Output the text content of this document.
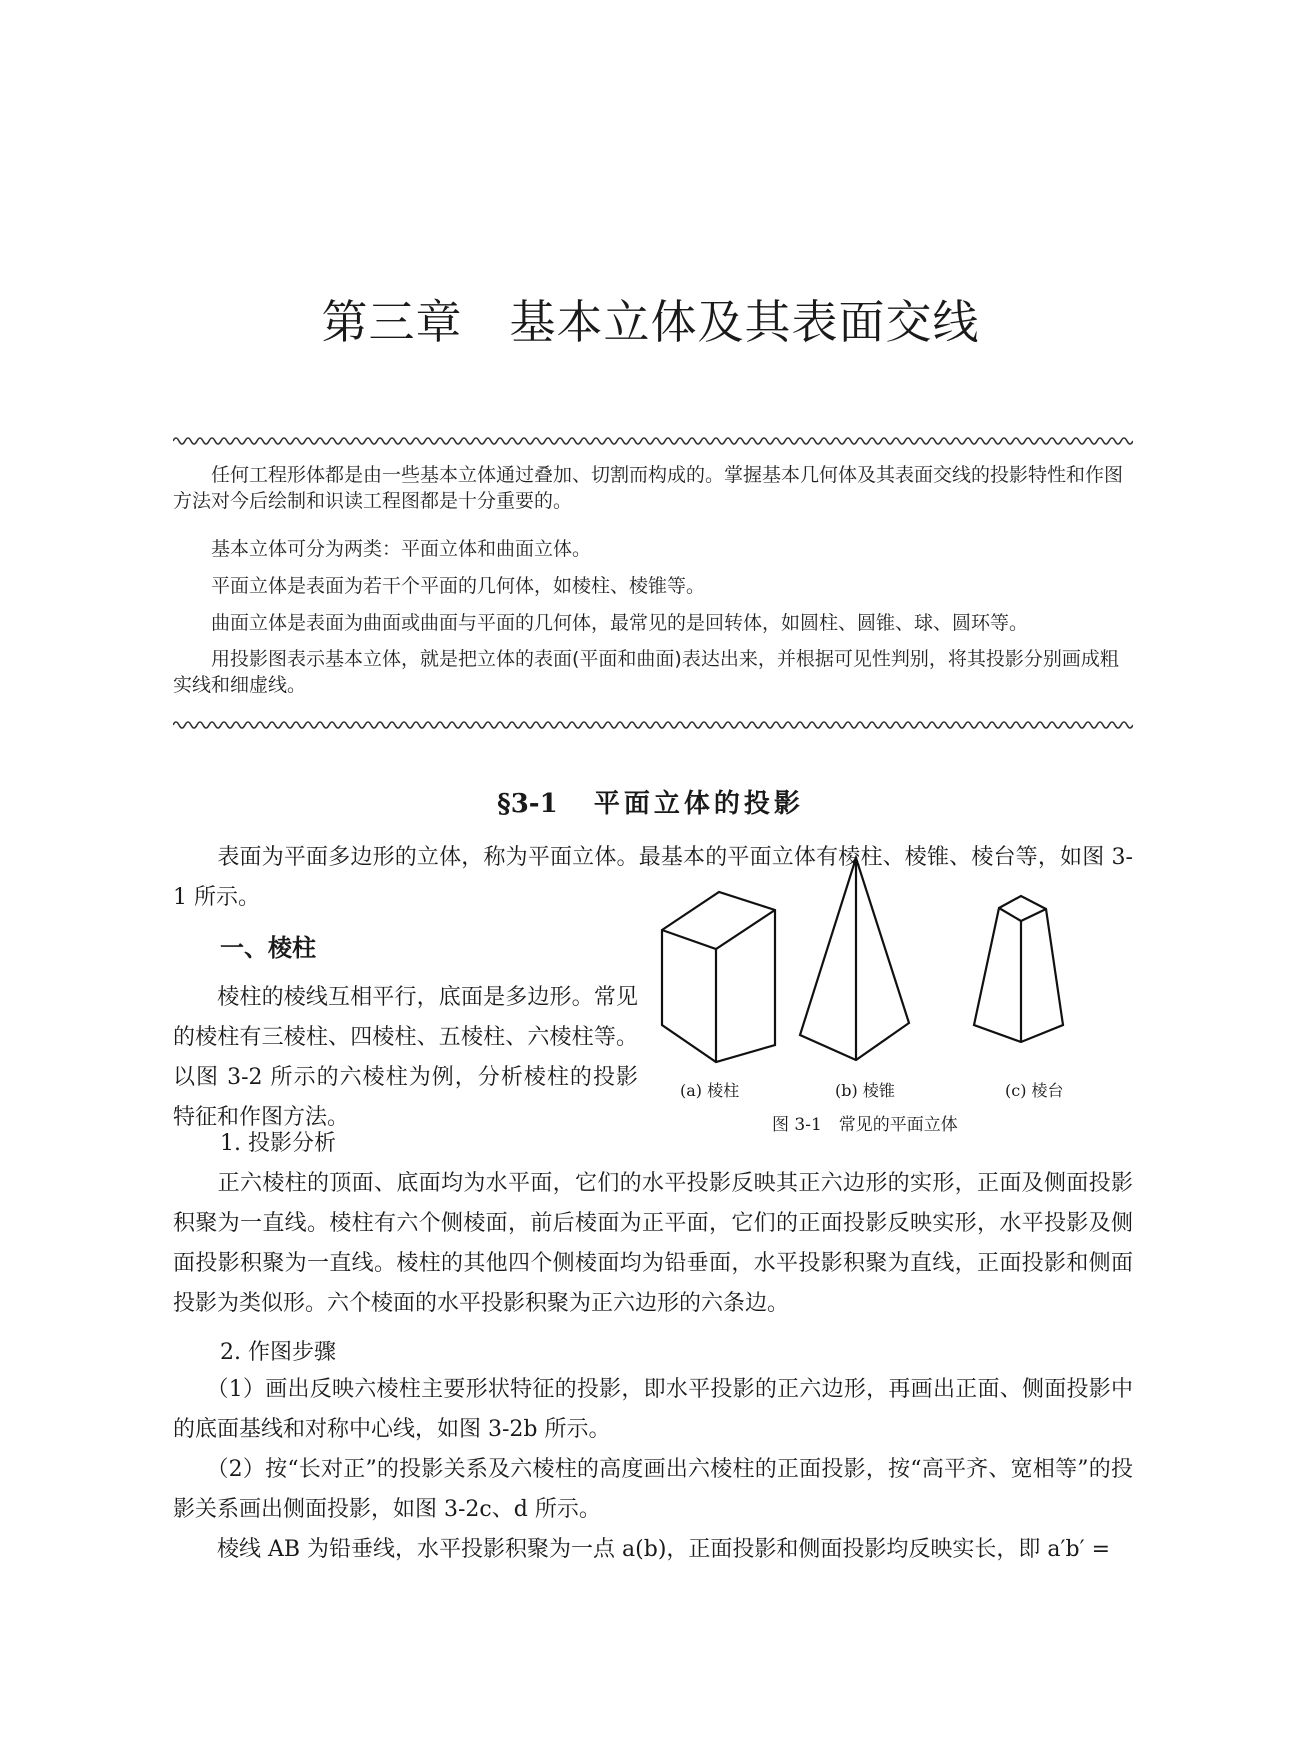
第三章　基本立体及其表面交线

　　任何工程形体都是由一些基本立体通过叠加、切割而构成的。掌握基本几何体及其表面交线的投影特性和作图方法对今后绘制和识读工程图都是十分重要的。

　　基本立体可分为两类：平面立体和曲面立体。

　　平面立体是表面为若干个平面的几何体，如棱柱、棱锥等。

　　曲面立体是表面为曲面或曲面与平面的几何体，最常见的是回转体，如圆柱、圆锥、球、圆环等。

　　用投影图表示基本立体，就是把立体的表面(平面和曲面)表达出来，并根据可见性判别，将其投影分别画成粗实线和细虚线。

§3-1 平面立体的投影

　　表面为平面多边形的立体，称为平面立体。最基本的平面立体有棱柱、棱锥、棱台等，如图 3-1 所示。

一、棱柱

　　棱柱的棱线互相平行，底面是多边形。常见的棱柱有三棱柱、四棱柱、五棱柱、六棱柱等。以图 3-2 所示的六棱柱为例，分析棱柱的投影特征和作图方法。

1. 投影分析
(a) 棱柱	(b) 棱锥	(c) 棱台
图 3-1　常见的平面立体

　　正六棱柱的顶面、底面均为水平面，它们的水平投影反映其正六边形的实形，正面及侧面投影积聚为一直线。棱柱有六个侧棱面，前后棱面为正平面，它们的正面投影反映实形，水平投影及侧面投影积聚为一直线。棱柱的其他四个侧棱面均为铅垂面，水平投影积聚为直线，正面投影和侧面投影为类似形。六个棱面的水平投影积聚为正六边形的六条边。

2. 作图步骤

　　（1）画出反映六棱柱主要形状特征的投影，即水平投影的正六边形，再画出正面、侧面投影中的底面基线和对称中心线，如图 3-2b 所示。

　　（2）按“长对正”的投影关系及六棱柱的高度画出六棱柱的正面投影，按“高平齐、宽相等”的投影关系画出侧面投影，如图 3-2c、d 所示。

　　棱线 AB 为铅垂线，水平投影积聚为一点 a(b)，正面投影和侧面投影均反映实长，即 a′b′ =
